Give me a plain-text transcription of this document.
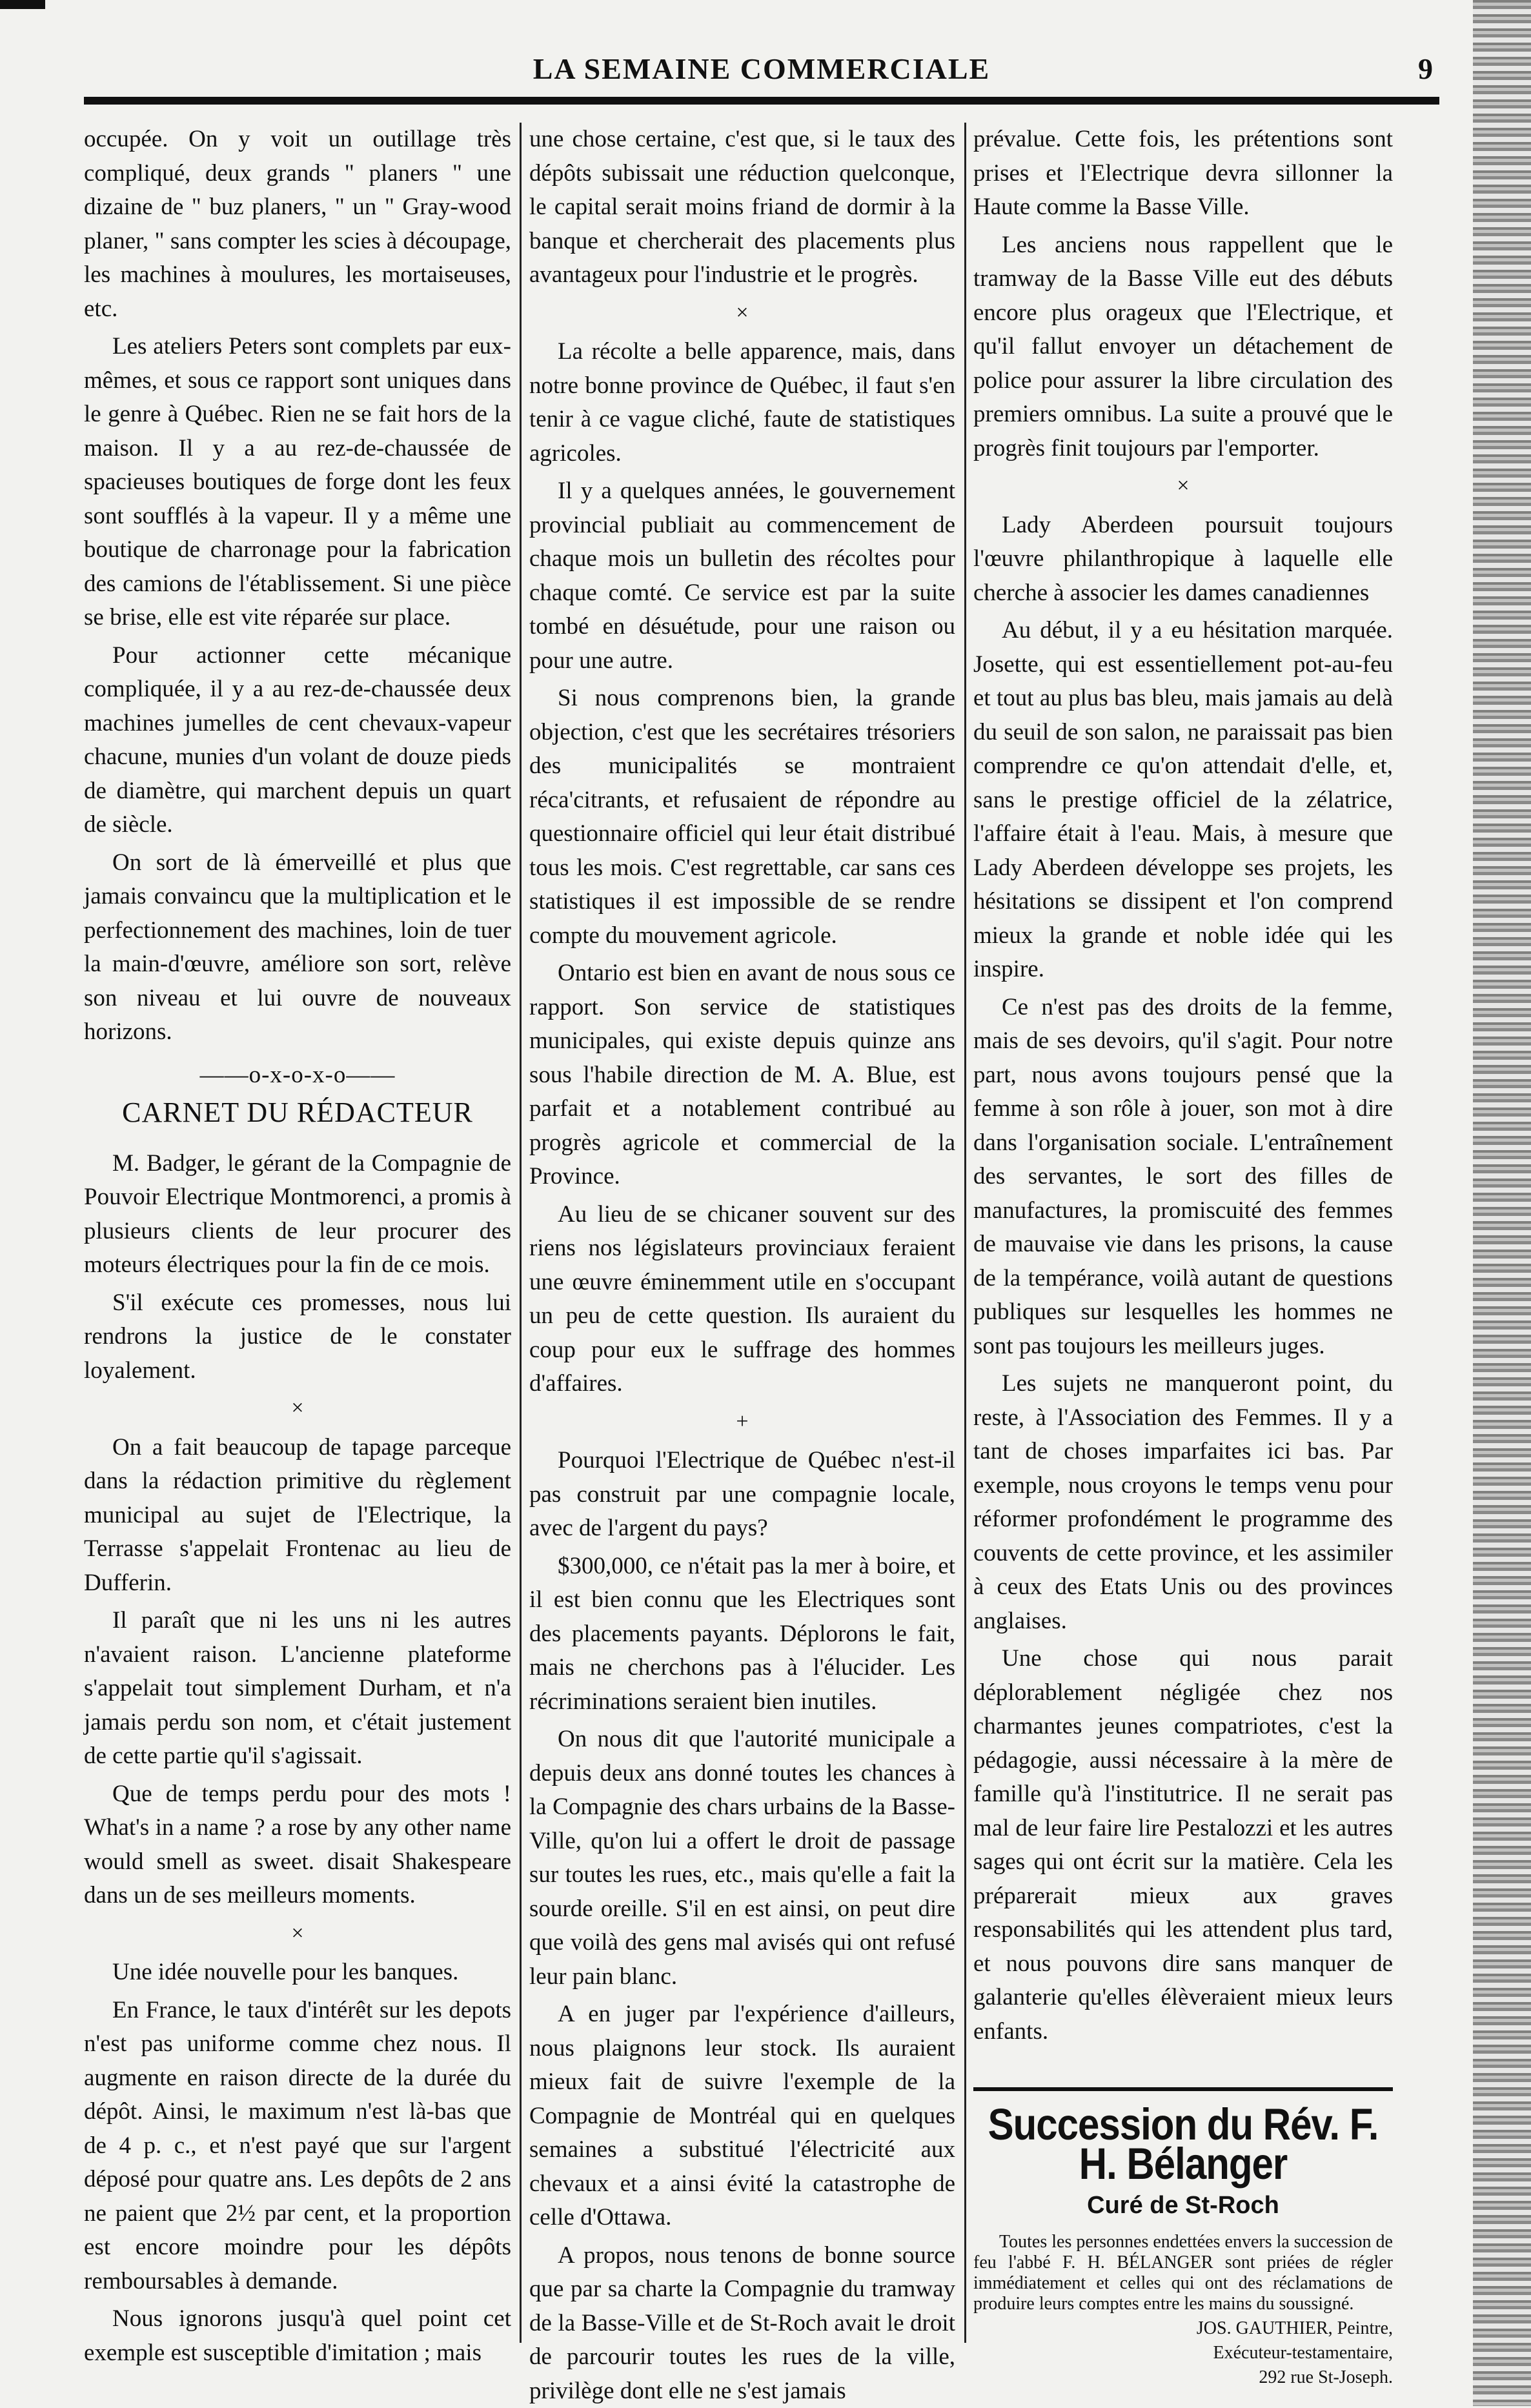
LA SEMAINE COMMERCIALE	9

occupée. On y voit un outillage très compliqué, deux grands " planers " une dizaine de " buz planers, " un " Gray-wood planer, " sans compter les scies à découpage, les machines à moulures, les mortaiseuses, etc.

Les ateliers Peters sont complets par eux-mêmes, et sous ce rapport sont uniques dans le genre à Québec. Rien ne se fait hors de la maison. Il y a au rez-de-chaussée de spacieuses boutiques de forge dont les feux sont soufflés à la vapeur. Il y a même une boutique de charronage pour la fabrication des camions de l'établissement. Si une pièce se brise, elle est vite réparée sur place.

Pour actionner cette mécanique compliquée, il y a au rez-de-chaussée deux machines jumelles de cent chevaux-vapeur chacune, munies d'un volant de douze pieds de diamètre, qui marchent depuis un quart de siècle.

On sort de là émerveillé et plus que jamais convaincu que la multiplication et le perfectionnement des machines, loin de tuer la main-d'œuvre, améliore son sort, relève son niveau et lui ouvre de nouveaux horizons.

——o-x-o-x-o——
CARNET DU RÉDACTEUR

M. Badger, le gérant de la Compagnie de Pouvoir Electrique Montmorenci, a promis à plusieurs clients de leur procurer des moteurs électriques pour la fin de ce mois.

S'il exécute ces promesses, nous lui rendrons la justice de le constater loyalement.

×

On a fait beaucoup de tapage parceque dans la rédaction primitive du règlement municipal au sujet de l'Electrique, la Terrasse s'appelait Frontenac au lieu de Dufferin.

Il paraît que ni les uns ni les autres n'avaient raison. L'ancienne plateforme s'appelait tout simplement Durham, et n'a jamais perdu son nom, et c'était justement de cette partie qu'il s'agissait.

Que de temps perdu pour des mots ! What's in a name ? a rose by any other name would smell as sweet. disait Shakespeare dans un de ses meilleurs moments.

×

Une idée nouvelle pour les banques.

En France, le taux d'intérêt sur les depots n'est pas uniforme comme chez nous. Il augmente en raison directe de la durée du dépôt. Ainsi, le maximum n'est là-bas que de 4 p. c., et n'est payé que sur l'argent déposé pour quatre ans. Les depôts de 2 ans ne paient que 2½ par cent, et la proportion est encore moindre pour les dépôts remboursables à demande.

Nous ignorons jusqu'à quel point cet exemple est susceptible d'imitation ; mais

une chose certaine, c'est que, si le taux des dépôts subissait une réduction quelconque, le capital serait moins friand de dormir à la banque et chercherait des placements plus avantageux pour l'industrie et le progrès.

×

La récolte a belle apparence, mais, dans notre bonne province de Québec, il faut s'en tenir à ce vague cliché, faute de statistiques agricoles.

Il y a quelques années, le gouvernement provincial publiait au commencement de chaque mois un bulletin des récoltes pour chaque comté. Ce service est par la suite tombé en désuétude, pour une raison ou pour une autre.

Si nous comprenons bien, la grande objection, c'est que les secrétaires trésoriers des municipalités se montraient réca'citrants, et refusaient de répondre au questionnaire officiel qui leur était distribué tous les mois. C'est regrettable, car sans ces statistiques il est impossible de se rendre compte du mouvement agricole.

Ontario est bien en avant de nous sous ce rapport. Son service de statistiques municipales, qui existe depuis quinze ans sous l'habile direction de M. A. Blue, est parfait et a notablement contribué au progrès agricole et commercial de la Province.

Au lieu de se chicaner souvent sur des riens nos législateurs provinciaux feraient une œuvre éminemment utile en s'occupant un peu de cette question. Ils auraient du coup pour eux le suffrage des hommes d'affaires.

+

Pourquoi l'Electrique de Québec n'est-il pas construit par une compagnie locale, avec de l'argent du pays?

$300,000, ce n'était pas la mer à boire, et il est bien connu que les Electriques sont des placements payants. Déplorons le fait, mais ne cherchons pas à l'élucider. Les récriminations seraient bien inutiles.

On nous dit que l'autorité municipale a depuis deux ans donné toutes les chances à la Compagnie des chars urbains de la Basse-Ville, qu'on lui a offert le droit de passage sur toutes les rues, etc., mais qu'elle a fait la sourde oreille. S'il en est ainsi, on peut dire que voilà des gens mal avisés qui ont refusé leur pain blanc.

A en juger par l'expérience d'ailleurs, nous plaignons leur stock. Ils auraient mieux fait de suivre l'exemple de la Compagnie de Montréal qui en quelques semaines a substitué l'électricité aux chevaux et a ainsi évité la catastrophe de celle d'Ottawa.

A propos, nous tenons de bonne source que par sa charte la Compagnie du tramway de la Basse-Ville et de St-Roch avait le droit de parcourir toutes les rues de la ville, privilège dont elle ne s'est jamais

prévalue. Cette fois, les prétentions sont prises et l'Electrique devra sillonner la Haute comme la Basse Ville.

Les anciens nous rappellent que le tramway de la Basse Ville eut des débuts encore plus orageux que l'Electrique, et qu'il fallut envoyer un détachement de police pour assurer la libre circulation des premiers omnibus. La suite a prouvé que le progrès finit toujours par l'emporter.

×

Lady Aberdeen poursuit toujours l'œuvre philanthropique à laquelle elle cherche à associer les dames canadiennes

Au début, il y a eu hésitation marquée. Josette, qui est essentiellement pot-au-feu et tout au plus bas bleu, mais jamais au delà du seuil de son salon, ne paraissait pas bien comprendre ce qu'on attendait d'elle, et, sans le prestige officiel de la zélatrice, l'affaire était à l'eau. Mais, à mesure que Lady Aberdeen développe ses projets, les hésitations se dissipent et l'on comprend mieux la grande et noble idée qui les inspire.

Ce n'est pas des droits de la femme, mais de ses devoirs, qu'il s'agit. Pour notre part, nous avons toujours pensé que la femme à son rôle à jouer, son mot à dire dans l'organisation sociale. L'entraînement des servantes, le sort des filles de manufactures, la promiscuité des femmes de mauvaise vie dans les prisons, la cause de la tempérance, voilà autant de questions publiques sur lesquelles les hommes ne sont pas toujours les meilleurs juges.

Les sujets ne manqueront point, du reste, à l'Association des Femmes. Il y a tant de choses imparfaites ici bas. Par exemple, nous croyons le temps venu pour réformer profondément le programme des couvents de cette province, et les assimiler à ceux des Etats Unis ou des provinces anglaises.

Une chose qui nous parait déplorablement négligée chez nos charmantes jeunes compatriotes, c'est la pédagogie, aussi nécessaire à la mère de famille qu'à l'institutrice. Il ne serait pas mal de leur faire lire Pestalozzi et les autres sages qui ont écrit sur la matière. Cela les préparerait mieux aux graves responsabilités qui les attendent plus tard, et nous pouvons dire sans manquer de galanterie qu'elles élèveraient mieux leurs enfants.

Succession du Rév. F. H. Bélanger
Curé de St-Roch
Toutes les personnes endettées envers la succession de feu l'abbé F. H. BÉLANGER sont priées de régler immédiatement et celles qui ont des réclamations de produire leurs comptes entre les mains du soussigné.
JOS. GAUTHIER, Peintre,
Exécuteur-testamentaire,
292 rue St-Joseph.
